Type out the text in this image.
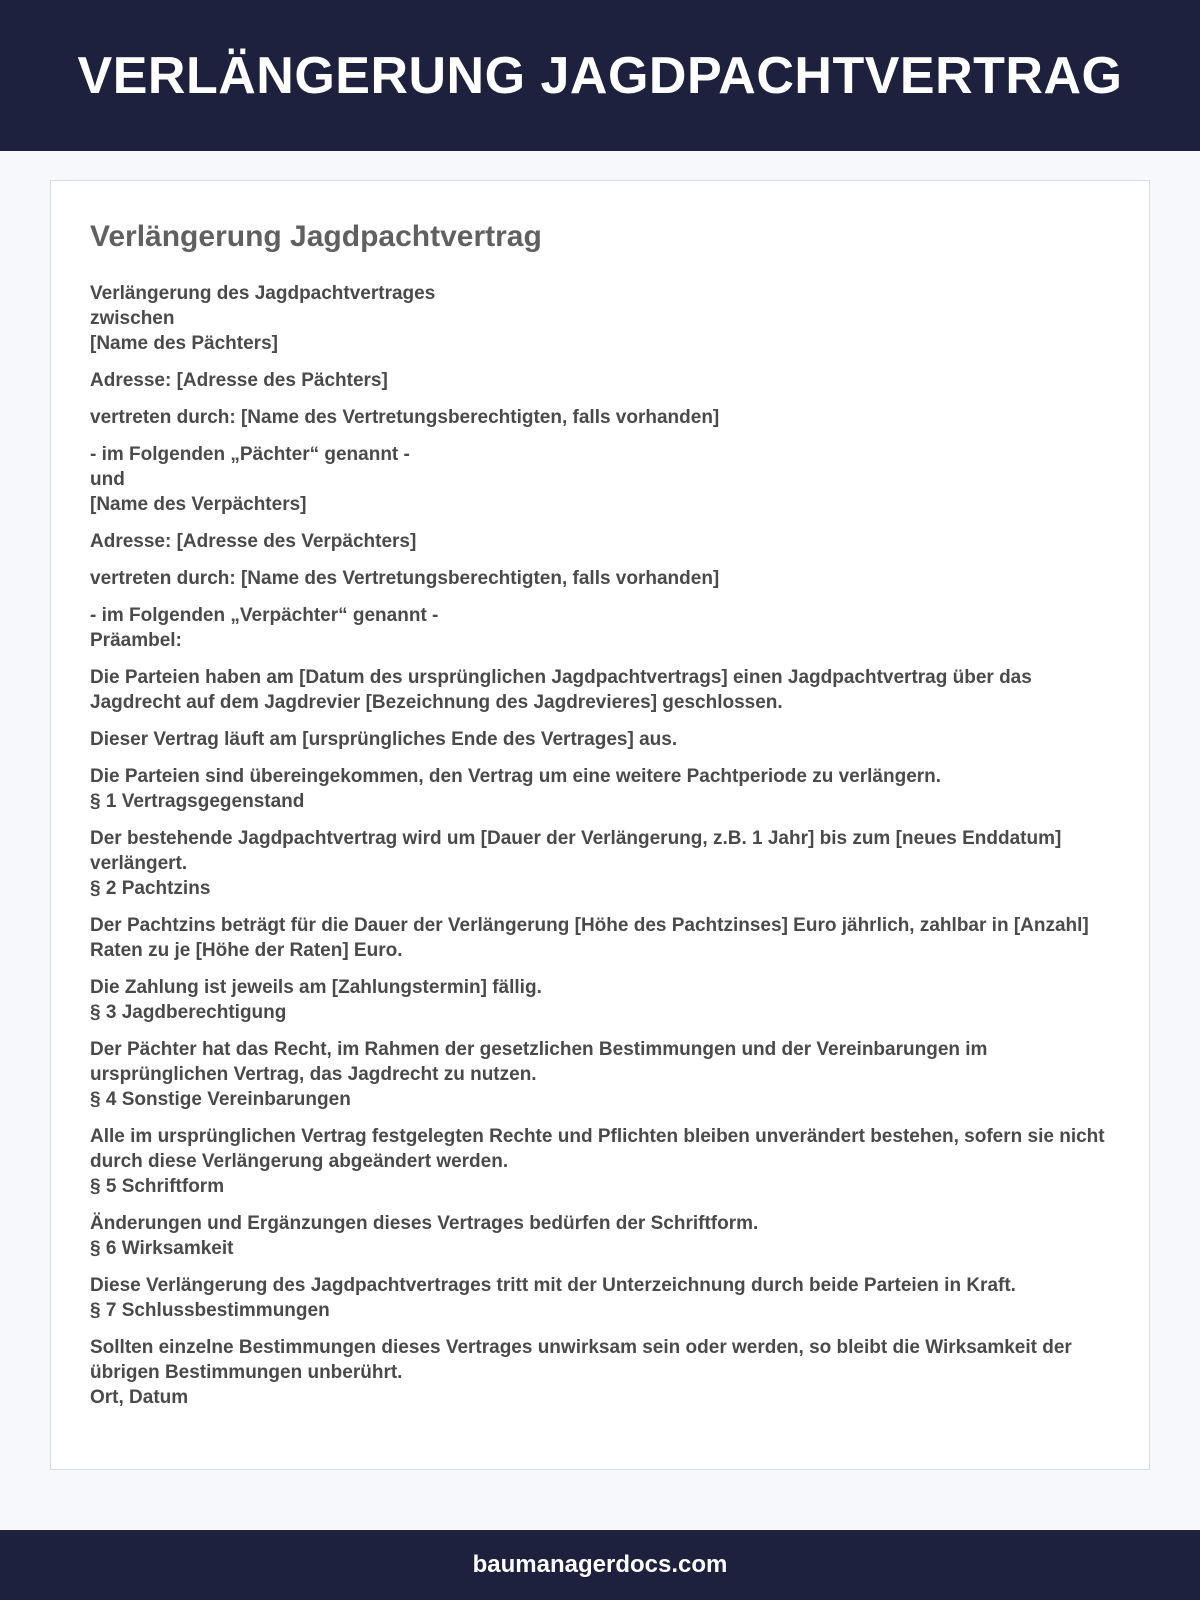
VERLÄNGERUNG JAGDPACHTVERTRAG
Verlängerung Jagdpachtvertrag

Verlängerung des Jagdpachtvertrages
zwischen
[Name des Pächters]

Adresse: [Adresse des Pächters]

vertreten durch: [Name des Vertretungsberechtigten, falls vorhanden]

- im Folgenden „Pächter“ genannt -
und
[Name des Verpächters]

Adresse: [Adresse des Verpächters]

vertreten durch: [Name des Vertretungsberechtigten, falls vorhanden]

- im Folgenden „Verpächter“ genannt -
Präambel:

Die Parteien haben am [Datum des ursprünglichen Jagdpachtvertrags] einen Jagdpachtvertrag über das Jagdrecht auf dem Jagdrevier [Bezeichnung des Jagdrevieres] geschlossen.

Dieser Vertrag läuft am [ursprüngliches Ende des Vertrages] aus.

Die Parteien sind übereingekommen, den Vertrag um eine weitere Pachtperiode zu verlängern.
§ 1 Vertragsgegenstand

Der bestehende Jagdpachtvertrag wird um [Dauer der Verlängerung, z.B. 1 Jahr] bis zum [neues Enddatum] verlängert.
§ 2 Pachtzins

Der Pachtzins beträgt für die Dauer der Verlängerung [Höhe des Pachtzinses] Euro jährlich, zahlbar in [Anzahl] Raten zu je [Höhe der Raten] Euro.

Die Zahlung ist jeweils am [Zahlungstermin] fällig.
§ 3 Jagdberechtigung

Der Pächter hat das Recht, im Rahmen der gesetzlichen Bestimmungen und der Vereinbarungen im ursprünglichen Vertrag, das Jagdrecht zu nutzen.
§ 4 Sonstige Vereinbarungen

Alle im ursprünglichen Vertrag festgelegten Rechte und Pflichten bleiben unverändert bestehen, sofern sie nicht durch diese Verlängerung abgeändert werden.
§ 5 Schriftform

Änderungen und Ergänzungen dieses Vertrages bedürfen der Schriftform.
§ 6 Wirksamkeit

Diese Verlängerung des Jagdpachtvertrages tritt mit der Unterzeichnung durch beide Parteien in Kraft.
§ 7 Schlussbestimmungen

Sollten einzelne Bestimmungen dieses Vertrages unwirksam sein oder werden, so bleibt die Wirksamkeit der übrigen Bestimmungen unberührt.
Ort, Datum

baumanagerdocs.com
